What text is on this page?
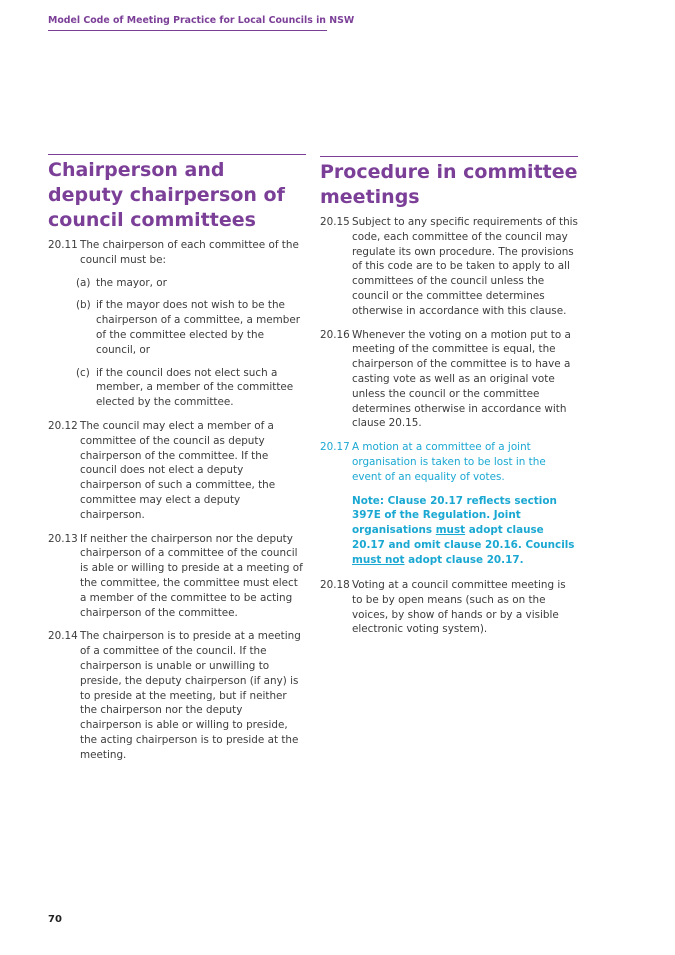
Model Code of Meeting Practice for Local Councils in NSW
Chairperson and deputy chairperson of council committees

20.11 The chairperson of each committee of the council must be:

(a) the mayor, or
(b) if the mayor does not wish to be the chairperson of a committee, a member of the committee elected by the council, or
(c) if the council does not elect such a member, a member of the committee elected by the committee.

20.12 The council may elect a member of a committee of the council as deputy chairperson of the committee. If the council does not elect a deputy chairperson of such a committee, the committee may elect a deputy chairperson.

20.13 If neither the chairperson nor the deputy chairperson of a committee of the council is able or willing to preside at a meeting of the committee, the committee must elect a member of the committee to be acting chairperson of the committee.

20.14 The chairperson is to preside at a meeting of a committee of the council. If the chairperson is unable or unwilling to preside, the deputy chairperson (if any) is to preside at the meeting, but if neither the chairperson nor the deputy chairperson is able or willing to preside, the acting chairperson is to preside at the meeting.

Procedure in committee meetings

20.15 Subject to any specific requirements of this code, each committee of the council may regulate its own procedure. The provisions of this code are to be taken to apply to all committees of the council unless the council or the committee determines otherwise in accordance with this clause.

20.16 Whenever the voting on a motion put to a meeting of the committee is equal, the chairperson of the committee is to have a casting vote as well as an original vote unless the council or the committee determines otherwise in accordance with clause 20.15.

20.17 A motion at a committee of a joint organisation is taken to be lost in the event of an equality of votes.

Note: Clause 20.17 reflects section 397E of the Regulation. Joint organisations must adopt clause 20.17 and omit clause 20.16. Councils must not adopt clause 20.17.

20.18 Voting at a council committee meeting is to be by open means (such as on the voices, by show of hands or by a visible electronic voting system).

70
